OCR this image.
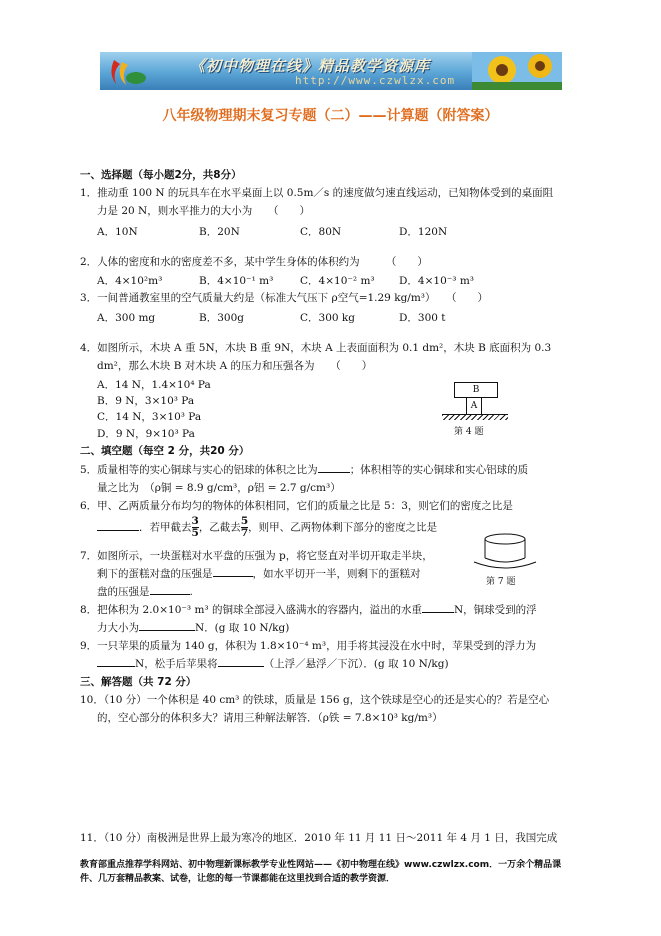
《初中物理在线》精品教学资源库
http://www.czwlzx.com
八年级物理期末复习专题（二）——计算题（附答案）
一、选择题（每小题2分，共8分）
1．推动重 100 N 的玩具车在水平桌面上以 0.5m／s 的速度做匀速直线运动，已知物体受到的桌面阻
力是 20 N，则水平推力的大小为　　（　　）
A．10N	B．20N	C．80N	D．120N
2．人体的密度和水的密度差不多，某中学生身体的体积约为　　　（　　）
A．4×10²m³	B．4×10⁻¹ m³	C．4×10⁻² m³ D．4×10⁻³ m³
3．一间普通教室里的空气质量大约是（标准大气压下 ρ空气=1.29 kg/m³）　　（　　）
A．300 mg	B．300g	C．300 kg	D．300 t
4．如图所示，木块 A 重 5N，木块 B 重 9N，木块 A 上表面面积为 0.1 dm²，木块 B 底面积为 0.3
dm²，那么木块 B 对木块 A 的压力和压强各为　　（　　）
A．14 N，1.4×10⁴ Pa
B．9 N，3×10³ Pa
C．14 N，3×10³ Pa
D．9 N，9×10³ Pa
B
A
第 4 题
二、填空题（每空 2 分，共20 分）
5．质量相等的实心铜球与实心的铝球的体积之比为	；体积相等的实心铜球和实心铝球的质
量之比为　（ρ铜 = 8.9 g/cm³，ρ铝 = 2.7 g/cm³）
6．甲、乙两质量分布均匀的物体的体积相同，它们的质量之比是 5：3，则它们的密度之比是
．若甲截去 $\frac{3}{5}$ ，乙截去 $\frac{5}{7}$ ，则甲、乙两物体剩下部分的密度之比是
7．如图所示，一块蛋糕对水平盘的压强为 p，将它竖直对半切开取走半块，
剩下的蛋糕对盘的压强是	，如水平切开一半，则剩下的蛋糕对
盘的压强是	.
第 7 题
8．把体积为 2.0×10⁻³ m³ 的铜球全部浸入盛满水的容器内，溢出的水重	N，铜球受到的浮
力大小为	N．(g 取 10 N/kg)
9．一只苹果的质量为 140 g，体积为 1.8×10⁻⁴ m³，用手将其浸没在水中时，苹果受到的浮力为
N，松手后苹果将	（上浮／悬浮／下沉）．(g 取 10 N/kg)
三、解答题（共 72 分）
10．（10 分）一个体积是 40 cm³ 的铁球，质量是 156 g，这个铁球是空心的还是实心的？若是空心
的，空心部分的体积多大？请用三种解法解答．（ρ铁 = 7.8×10³ kg/m³）
11．（10 分）南极洲是世界上最为寒冷的地区．2010 年 11 月 11 日～2011 年 4 月 1 日，我国完成
教育部重点推荐学科网站、初中物理新课标教学专业性网站——《初中物理在线》www.czwlzx.com．一万余个精品课
件、几万套精品教案、试卷，让您的每一节课都能在这里找到合适的教学资源．
